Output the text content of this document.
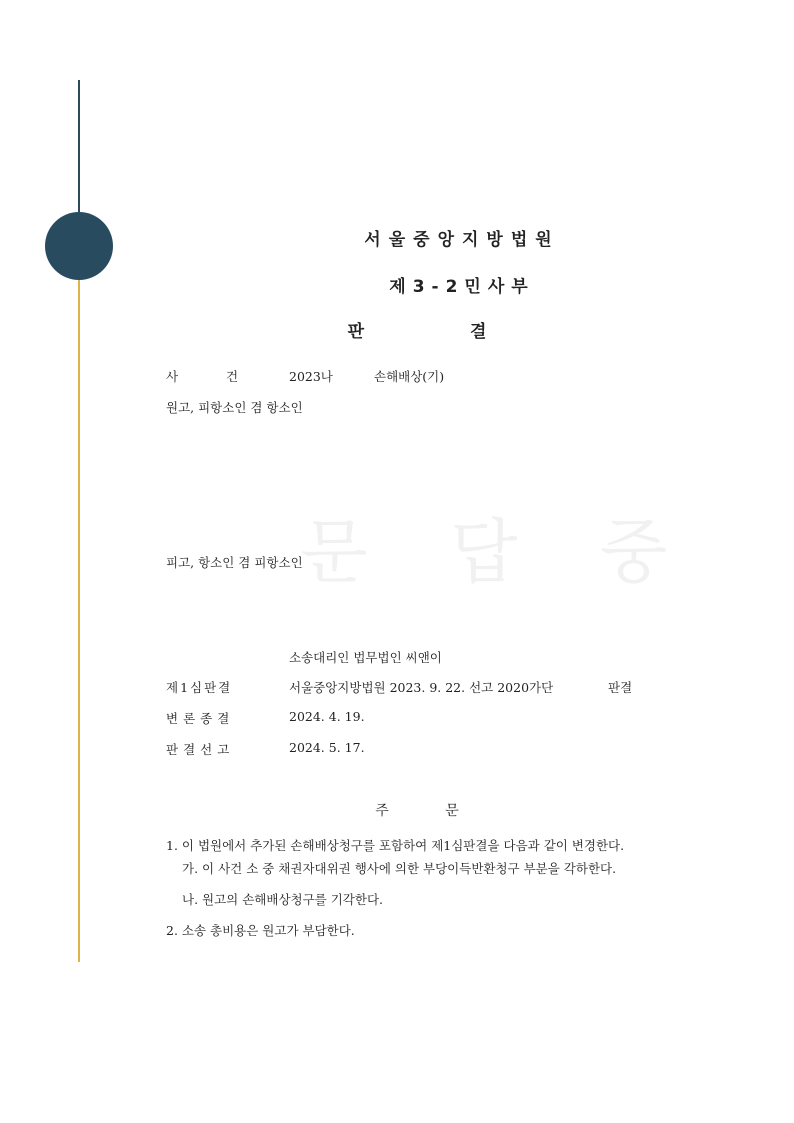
문 답 중
서울중앙지방법원
제3-2민사부
판	결
사	건	2023나	손해배상(기)
원고, 피항소인 겸 항소인
피고, 항소인 겸 피항소인
소송대리인 법무법인 씨앤이
제1심판결	서울중앙지방법원 2023. 9. 22. 선고 2020가단	판결
변론종결	2024. 4. 19.
판결선고	2024. 5. 17.
주	문
1. 이 법원에서 추가된 손해배상청구를 포함하여 제1심판결을 다음과 같이 변경한다.
가. 이 사건 소 중 채권자대위권 행사에 의한 부당이득반환청구 부분을 각하한다.
나. 원고의 손해배상청구를 기각한다.
2. 소송 총비용은 원고가 부담한다.
